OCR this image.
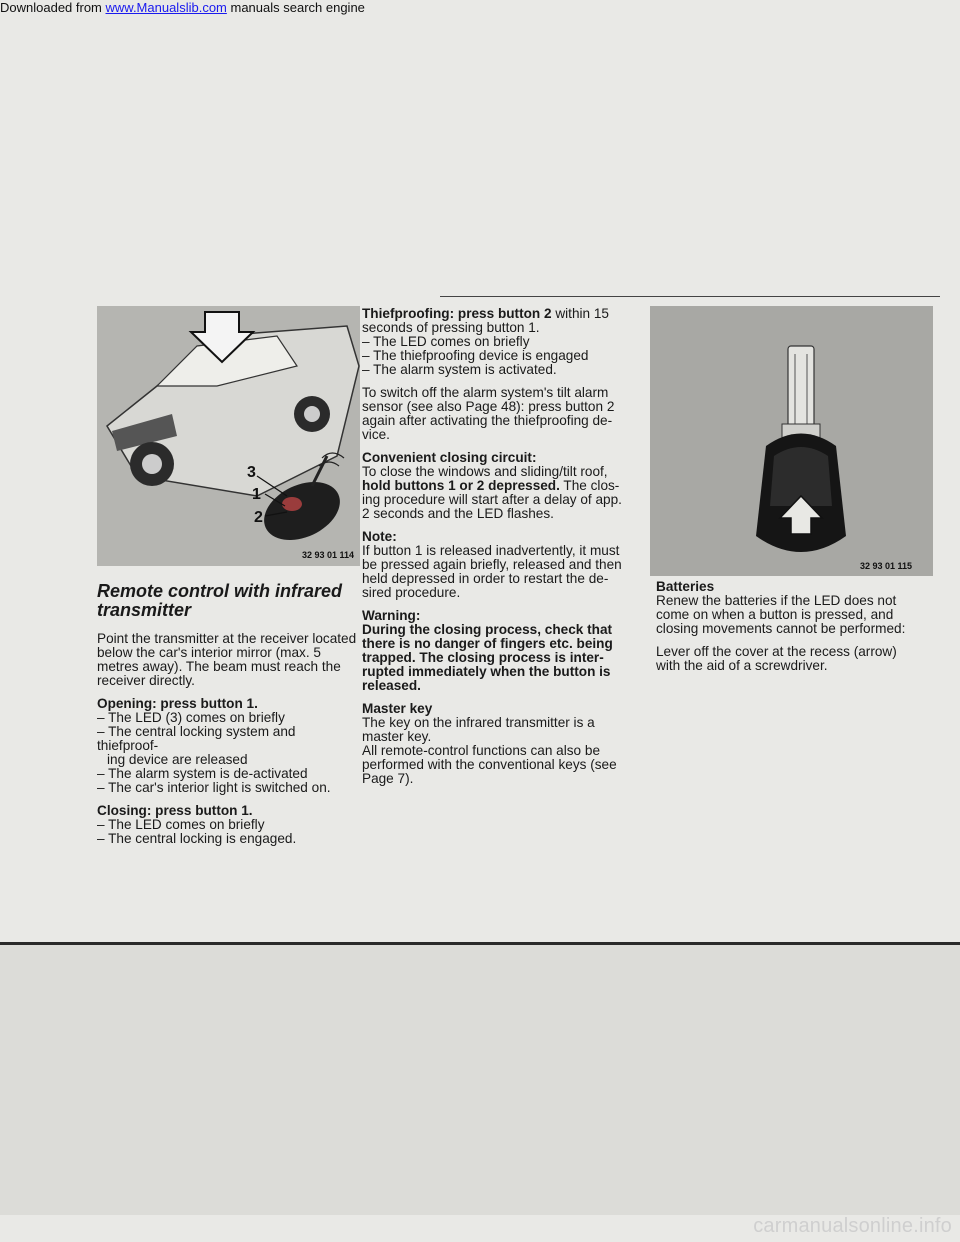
Downloaded from www.Manualslib.com manuals search engine
3
1
2
32 93 01 114

Remote control with infrared
transmitter

Point the transmitter at the receiver located
below the car's interior mirror (max. 5
metres away). The beam must reach the
receiver directly.

Opening: press button 1.
– The LED (3) comes on briefly
– The central locking system and thiefproof-
ing device are released
– The alarm system is de-activated
– The car's interior light is switched on.

Closing: press button 1.
– The LED comes on briefly
– The central locking is engaged.

Thiefproofing: press button 2 within 15
seconds of pressing button 1.
– The LED comes on briefly
– The thiefproofing device is engaged
– The alarm system is activated.

To switch off the alarm system's tilt alarm
sensor (see also Page 48): press button 2
again after activating the thiefproofing de-
vice.

Convenient closing circuit:
To close the windows and sliding/tilt roof,
hold buttons 1 or 2 depressed. The clos-
ing procedure will start after a delay of app.
2 seconds and the LED flashes.

Note:
If button 1 is released inadvertently, it must
be pressed again briefly, released and then
held depressed in order to restart the de-
sired procedure.

Warning:
During the closing process, check that
there is no danger of fingers etc. being
trapped. The closing process is inter-
rupted immediately when the button is
released.

Master key
The key on the infrared transmitter is a
master key.
All remote-control functions can also be
performed with the conventional keys (see
Page 7).

32 93 01 115

Batteries
Renew the batteries if the LED does not
come on when a button is pressed, and
closing movements cannot be performed:

Lever off the cover at the recess (arrow)
with the aid of a screwdriver.

carmanualsonline.info
